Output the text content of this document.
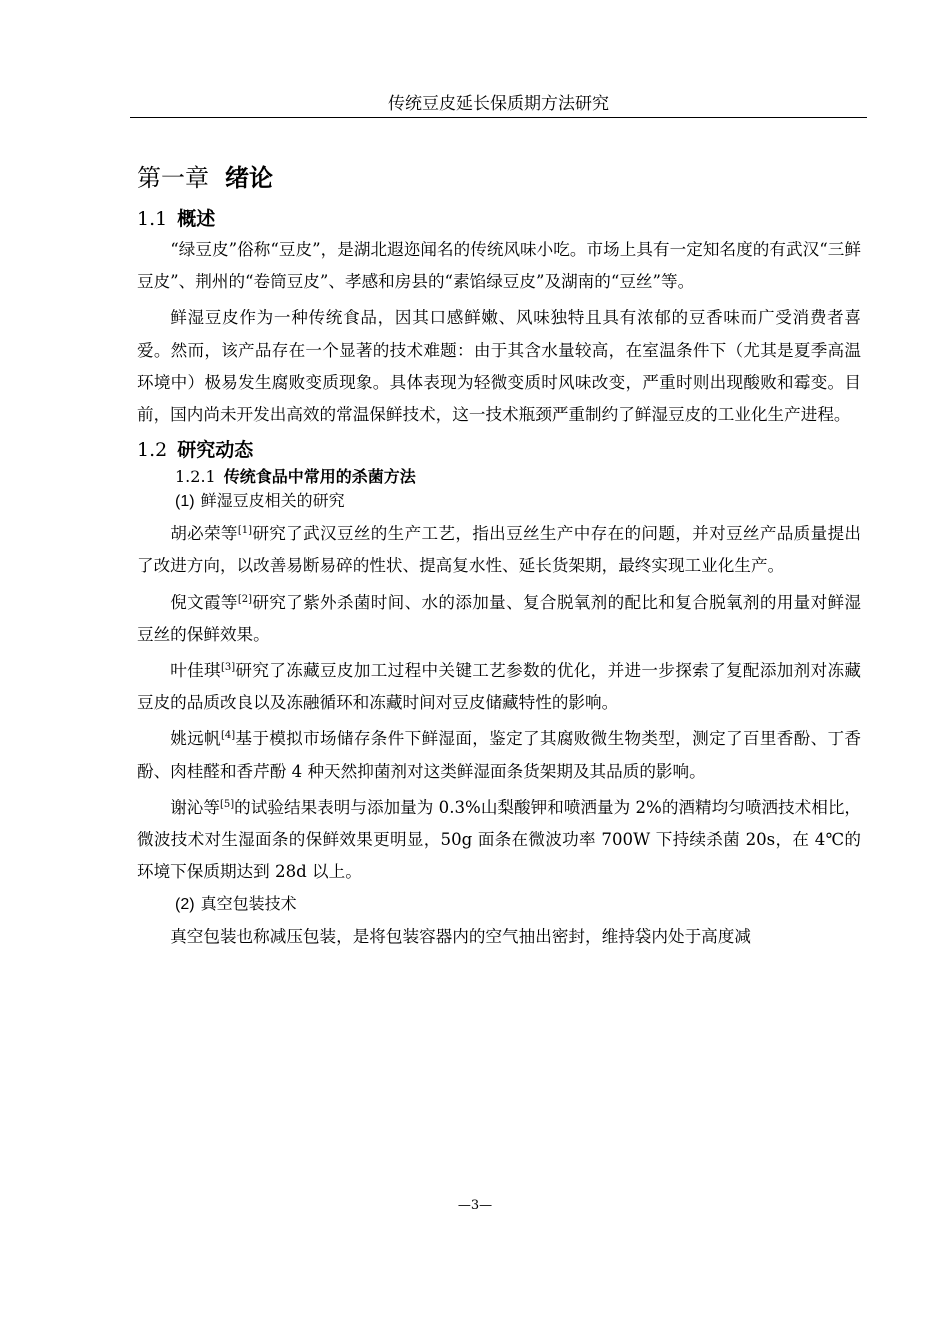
传统豆皮延长保质期方法研究
第一章 绪论
1.1 概述

“绿豆皮”俗称“豆皮”，是湖北遐迩闻名的传统风味小吃。市场上具有一定知名度的有武汉“三鲜豆皮”、荆州的“卷筒豆皮”、孝感和房县的“素馅绿豆皮”及湖南的“豆丝”等。

鲜湿豆皮作为一种传统食品，因其口感鲜嫩、风味独特且具有浓郁的豆香味而广受消费者喜爱。然而，该产品存在一个显著的技术难题：由于其含水量较高，在室温条件下（尤其是夏季高温环境中）极易发生腐败变质现象。具体表现为轻微变质时风味改变，严重时则出现酸败和霉变。目前，国内尚未开发出高效的常温保鲜技术，这一技术瓶颈严重制约了鲜湿豆皮的工业化生产进程。

1.2 研究动态
1.2.1 传统食品中常用的杀菌方法
(1) 鲜湿豆皮相关的研究

胡必荣等[1]研究了武汉豆丝的生产工艺，指出豆丝生产中存在的问题，并对豆丝产品质量提出了改进方向，以改善易断易碎的性状、提高复水性、延长货架期，最终实现工业化生产。

倪文霞等[2]研究了紫外杀菌时间、水的添加量、复合脱氧剂的配比和复合脱氧剂的用量对鲜湿豆丝的保鲜效果。

叶佳琪[3]研究了冻藏豆皮加工过程中关键工艺参数的优化，并进一步探索了复配添加剂对冻藏豆皮的品质改良以及冻融循环和冻藏时间对豆皮储藏特性的影响。

姚远帆[4]基于模拟市场储存条件下鲜湿面，鉴定了其腐败微生物类型，测定了百里香酚、丁香酚、肉桂醛和香芹酚 4 种天然抑菌剂对这类鲜湿面条货架期及其品质的影响。

谢沁等[5]的试验结果表明与添加量为 0.3%山梨酸钾和喷洒量为 2%的酒精均匀喷洒技术相比，微波技术对生湿面条的保鲜效果更明显，50g 面条在微波功率 700W 下持续杀菌 20s，在 4℃的环境下保质期达到 28d 以上。

(2) 真空包装技术

真空包装也称减压包装，是将包装容器内的空气抽出密封，维持袋内处于高度减

—3—
